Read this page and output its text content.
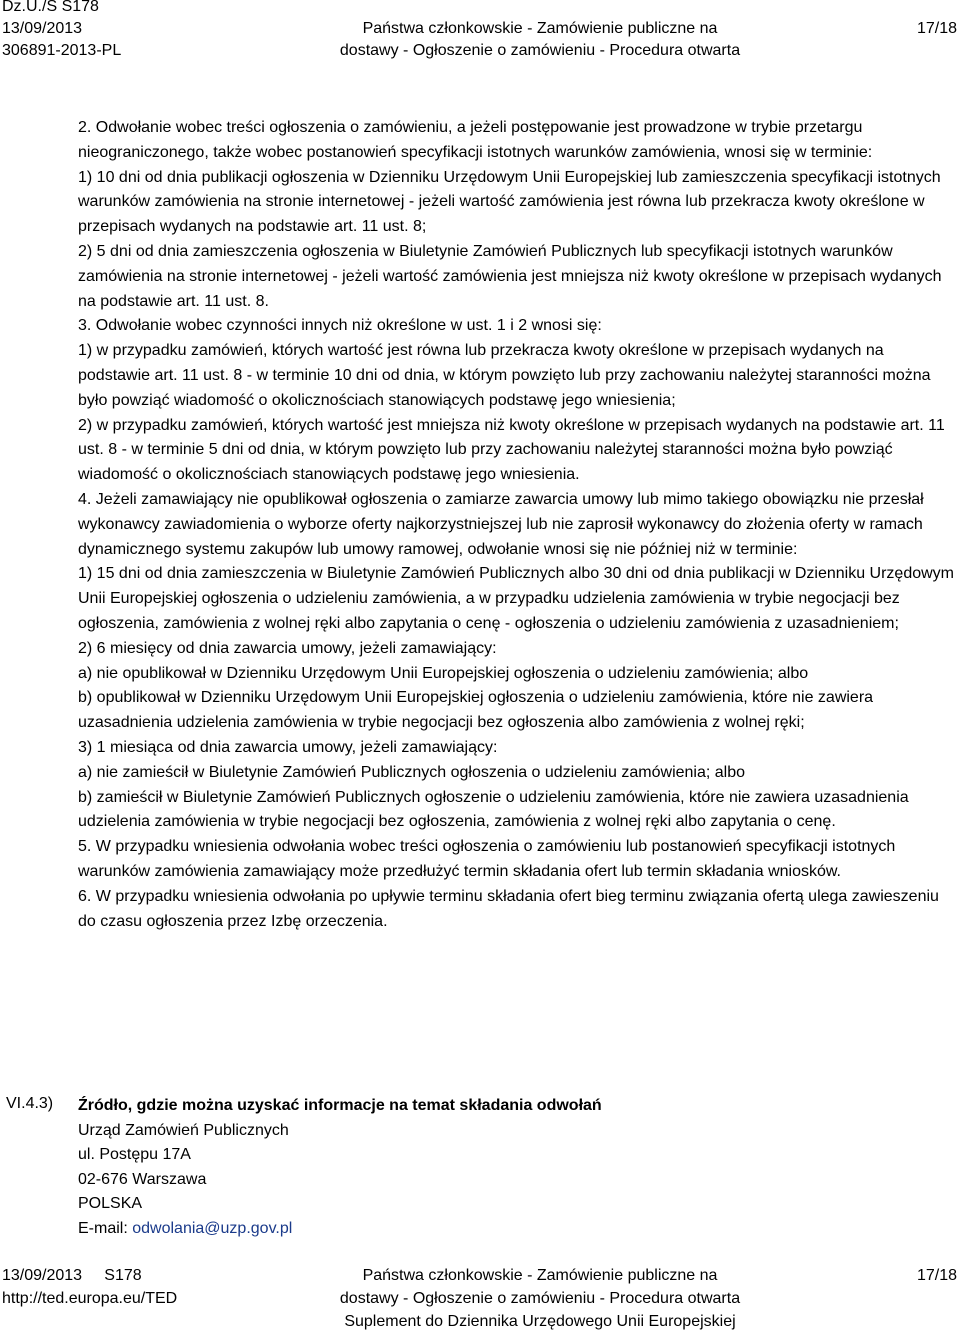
Dz.U./S S178
13/09/2013
306891-2013-PL
Państwa członkowskie - Zamówienie publiczne na
dostawy - Ogłoszenie o zamówieniu - Procedura otwarta
17/18

2. Odwołanie wobec treści ogłoszenia o zamówieniu, a jeżeli postępowanie jest prowadzone w trybie przetargu nieograniczonego, także wobec postanowień specyfikacji istotnych warunków zamówienia, wnosi się w terminie:

1) 10 dni od dnia publikacji ogłoszenia w Dzienniku Urzędowym Unii Europejskiej lub zamieszczenia specyfikacji istotnych warunków zamówienia na stronie internetowej - jeżeli wartość zamówienia jest równa lub przekracza kwoty określone w przepisach wydanych na podstawie art. 11 ust. 8;

2) 5 dni od dnia zamieszczenia ogłoszenia w Biuletynie Zamówień Publicznych lub specyfikacji istotnych warunków zamówienia na stronie internetowej - jeżeli wartość zamówienia jest mniejsza niż kwoty określone w przepisach wydanych na podstawie art. 11 ust. 8.

3. Odwołanie wobec czynności innych niż określone w ust. 1 i 2 wnosi się:

1) w przypadku zamówień, których wartość jest równa lub przekracza kwoty określone w przepisach wydanych na podstawie art. 11 ust. 8 - w terminie 10 dni od dnia, w którym powzięto lub przy zachowaniu należytej staranności można było powziąć wiadomość o okolicznościach stanowiących podstawę jego wniesienia;

2) w przypadku zamówień, których wartość jest mniejsza niż kwoty określone w przepisach wydanych na podstawie art. 11 ust. 8 - w terminie 5 dni od dnia, w którym powzięto lub przy zachowaniu należytej staranności można było powziąć wiadomość o okolicznościach stanowiących podstawę jego wniesienia.

4. Jeżeli zamawiający nie opublikował ogłoszenia o zamiarze zawarcia umowy lub mimo takiego obowiązku nie przesłał wykonawcy zawiadomienia o wyborze oferty najkorzystniejszej lub nie zaprosił wykonawcy do złożenia oferty w ramach dynamicznego systemu zakupów lub umowy ramowej, odwołanie wnosi się nie później niż w terminie:

1) 15 dni od dnia zamieszczenia w Biuletynie Zamówień Publicznych albo 30 dni od dnia publikacji w Dzienniku Urzędowym Unii Europejskiej ogłoszenia o udzieleniu zamówienia, a w przypadku udzielenia zamówienia w trybie negocjacji bez ogłoszenia, zamówienia z wolnej ręki albo zapytania o cenę - ogłoszenia o udzieleniu zamówienia z uzasadnieniem;

2) 6 miesięcy od dnia zawarcia umowy, jeżeli zamawiający:

a) nie opublikował w Dzienniku Urzędowym Unii Europejskiej ogłoszenia o udzieleniu zamówienia; albo

b) opublikował w Dzienniku Urzędowym Unii Europejskiej ogłoszenia o udzieleniu zamówienia, które nie zawiera uzasadnienia udzielenia zamówienia w trybie negocjacji bez ogłoszenia albo zamówienia z wolnej ręki;

3) 1 miesiąca od dnia zawarcia umowy, jeżeli zamawiający:

a) nie zamieścił w Biuletynie Zamówień Publicznych ogłoszenia o udzieleniu zamówienia; albo

b) zamieścił w Biuletynie Zamówień Publicznych ogłoszenie o udzieleniu zamówienia, które nie zawiera uzasadnienia udzielenia zamówienia w trybie negocjacji bez ogłoszenia, zamówienia z wolnej ręki albo zapytania o cenę.

5. W przypadku wniesienia odwołania wobec treści ogłoszenia o zamówieniu lub postanowień specyfikacji istotnych warunków zamówienia zamawiający może przedłużyć termin składania ofert lub termin składania wniosków.

6. W przypadku wniesienia odwołania po upływie terminu składania ofert bieg terminu związania ofertą ulega zawieszeniu do czasu ogłoszenia przez Izbę orzeczenia.

VI.4.3) Źródło, gdzie można uzyskać informacje na temat składania odwołań
Urząd Zamówień Publicznych
ul. Postępu 17A
02-676 Warszawa
POLSKA
E-mail: odwolania@uzp.gov.pl
13/09/2013     S178
http://ted.europa.eu/TED
Państwa członkowskie - Zamówienie publiczne na
dostawy - Ogłoszenie o zamówieniu - Procedura otwarta
Suplement do Dziennika Urzędowego Unii Europejskiej
17/18
